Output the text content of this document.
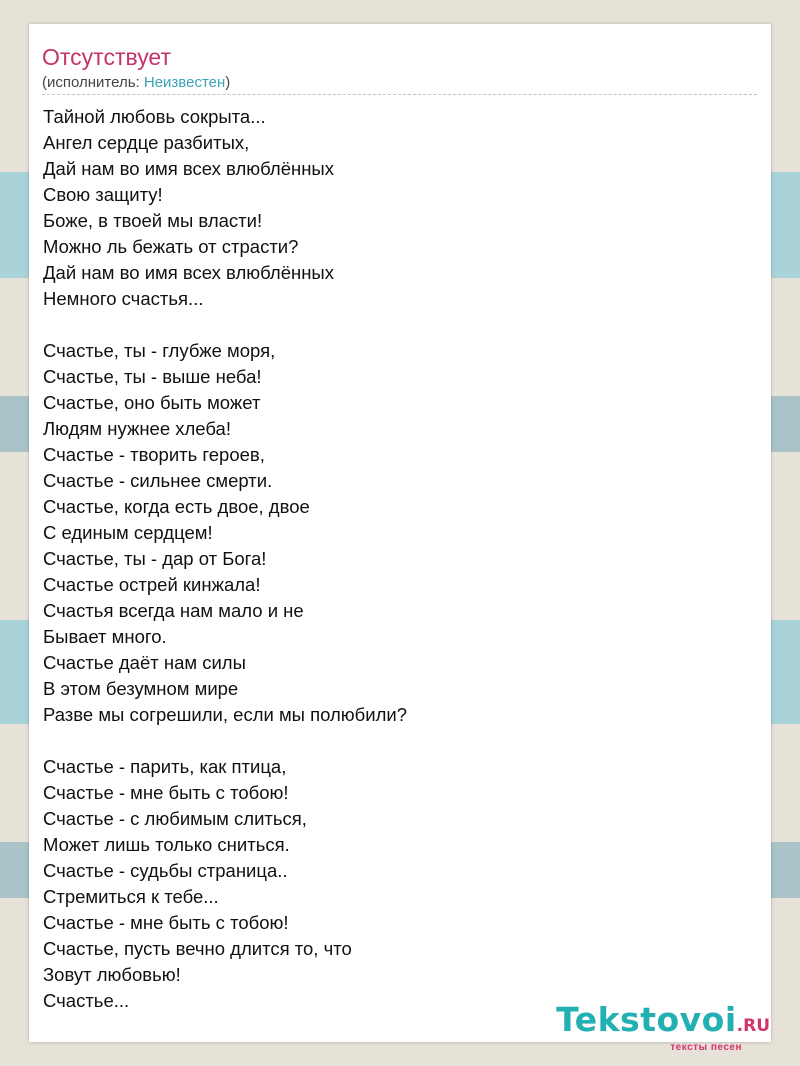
Отсутствует
(исполнитель: Неизвестен)
Тайной любовь сокрыта...
Ангел сердце разбитых,
Дай нам во имя всех влюблённых
Свою защиту!
Боже, в твоей мы власти!
Можно ль бежать от страсти?
Дай нам во имя всех влюблённых
Немного счастья...
Счастье, ты - глубже моря,
Счастье, ты - выше неба!
Счастье, оно быть может
Людям нужнее хлеба!
Счастье - творить героев,
Счастье - сильнее смерти.
Счастье, когда есть двое, двое
С единым сердцем!
Счастье, ты - дар от Бога!
Счастье острей кинжала!
Счастья всегда нам мало и не
Бывает много.
Счастье даёт нам силы
В этом безумном мире
Разве мы согрешили, если мы полюбили?
Счастье - парить, как птица,
Счастье - мне быть с тобою!
Счастье - с любимым слиться,
Может лишь только сниться.
Счастье - судьбы страница..
Стремиться к тебе...
Счастье - мне быть с тобою!
Счастье, пусть вечно длится то, что
Зовут любовью!
Счастье...	Tekstovoi.RU
тексты песен
